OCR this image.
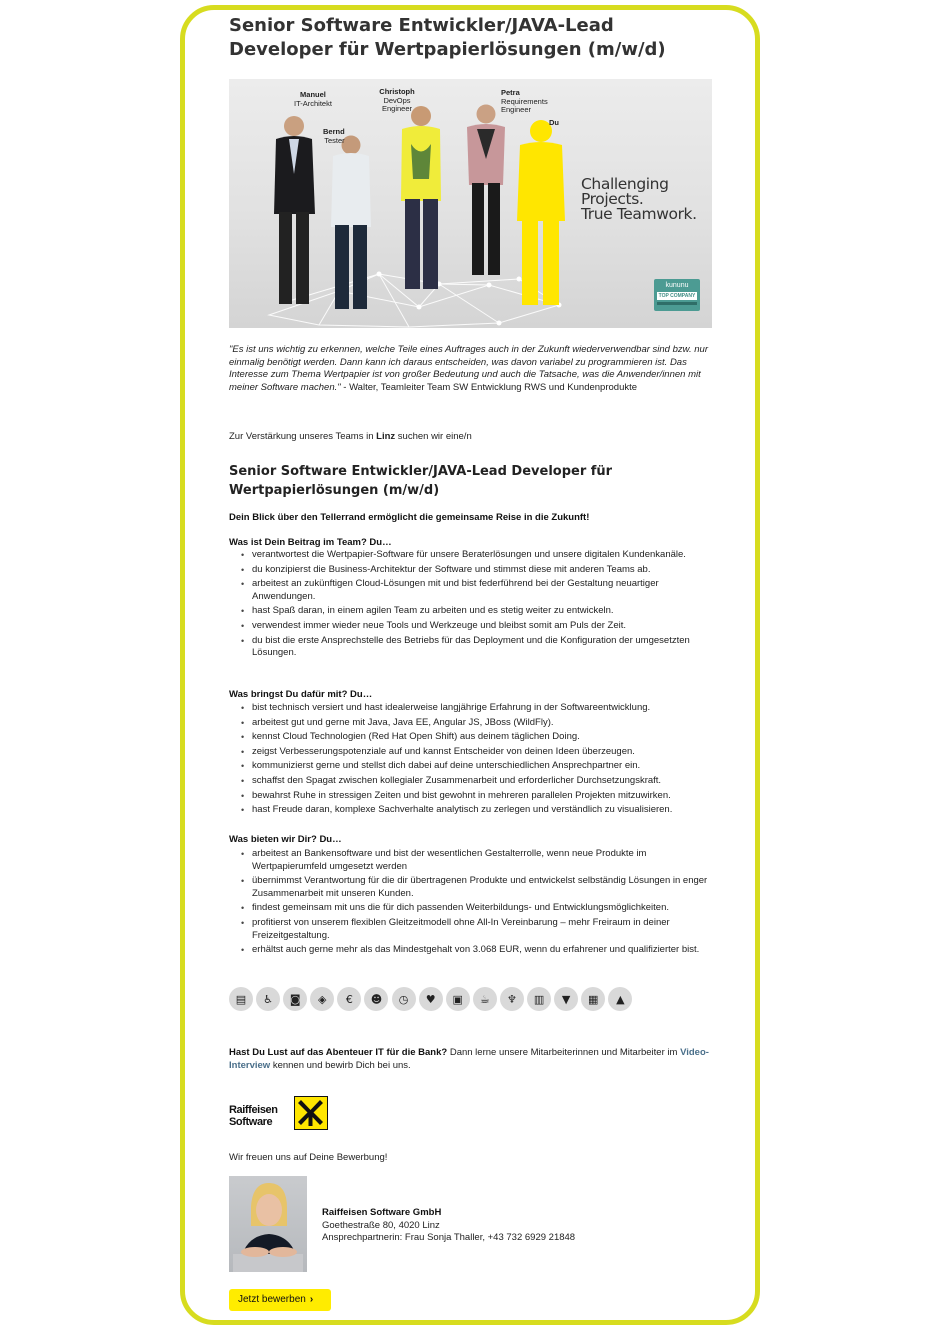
Senior Software Entwickler/JAVA-Lead Developer für Wertpapierlösungen (m/w/d)
Manuel
IT-Architekt
Bernd
Tester
Christoph
DevOps Engineer
Petra
Requirements Engineer
Du
Challenging
Projects.
True Teamwork.
kununu
TOP COMPANY

"Es ist uns wichtig zu erkennen, welche Teile eines Auftrages auch in der Zukunft wiederverwendbar sind bzw. nur einmalig benötigt werden. Dann kann ich daraus entscheiden, was davon variabel zu programmieren ist. Das Interesse zum Thema Wertpapier ist von großer Bedeutung und auch die Tatsache, was die Anwender/innen mit meiner Software machen." - Walter, Teamleiter Team SW Entwicklung RWS und Kundenprodukte

Zur Verstärkung unseres Teams in Linz suchen wir eine/n

Senior Software Entwickler/JAVA-Lead Developer für Wertpapierlösungen (m/w/d)

Dein Blick über den Tellerrand ermöglicht die gemeinsame Reise in die Zukunft!

Was ist Dein Beitrag im Team? Du…

• verantwortest die Wertpapier-Software für unsere Beraterlösungen und unsere digitalen Kundenkanäle.
• du konzipierst die Business-Architektur der Software und stimmst diese mit anderen Teams ab.
• arbeitest an zukünftigen Cloud-Lösungen mit und bist federführend bei der Gestaltung neuartiger Anwendungen.
• hast Spaß daran, in einem agilen Team zu arbeiten und es stetig weiter zu entwickeln.
• verwendest immer wieder neue Tools und Werkzeuge und bleibst somit am Puls der Zeit.
• du bist die erste Ansprechstelle des Betriebs für das Deployment und die Konfiguration der umgesetzten Lösungen.

Was bringst Du dafür mit? Du…

• bist technisch versiert und hast idealerweise langjährige Erfahrung in der Softwareentwicklung.
• arbeitest gut und gerne mit Java, Java EE, Angular JS, JBoss (WildFly).
• kennst Cloud Technologien (Red Hat Open Shift) aus deinem täglichen Doing.
• zeigst Verbesserungspotenziale auf und kannst Entscheider von deinen Ideen überzeugen.
• kommunizierst gerne und stellst dich dabei auf deine unterschiedlichen Ansprechpartner ein.
• schaffst den Spagat zwischen kollegialer Zusammenarbeit und erforderlicher Durchsetzungskraft.
• bewahrst Ruhe in stressigen Zeiten und bist gewohnt in mehreren parallelen Projekten mitzuwirken.
• hast Freude daran, komplexe Sachverhalte analytisch zu zerlegen und verständlich zu visualisieren.

Was bieten wir Dir? Du…

• arbeitest an Bankensoftware und bist der wesentlichen Gestalterrolle, wenn neue Produkte im Wertpapierumfeld umgesetzt werden
• übernimmst Verantwortung für die dir übertragenen Produkte und entwickelst selbständig Lösungen in enger Zusammenarbeit mit unseren Kunden.
• findest gemeinsam mit uns die für dich passenden Weiterbildungs- und Entwicklungsmöglichkeiten.
• profitierst von unserem flexiblen Gleitzeitmodell ohne All-In Vereinbarung – mehr Freiraum in deiner Freizeitgestaltung.
• erhältst auch gerne mehr als das Mindestgehalt von 3.068 EUR, wenn du erfahrener und qualifizierter bist.
▤	♿	◙	◈	€	☻	◷	♥	▣	☕	♆	▥	▼	▦	▲

Hast Du Lust auf das Abenteuer IT für die Bank? Dann lerne unsere Mitarbeiterinnen und Mitarbeiter im Video-Interview kennen und bewirb Dich bei uns.

Raiffeisen
Software

Wir freuen uns auf Deine Bewerbung!

Raiffeisen Software GmbH
Goethestraße 80, 4020 Linz
Ansprechpartnerin: Frau Sonja Thaller, +43 732 6929 21848
Jetzt bewerben ›
